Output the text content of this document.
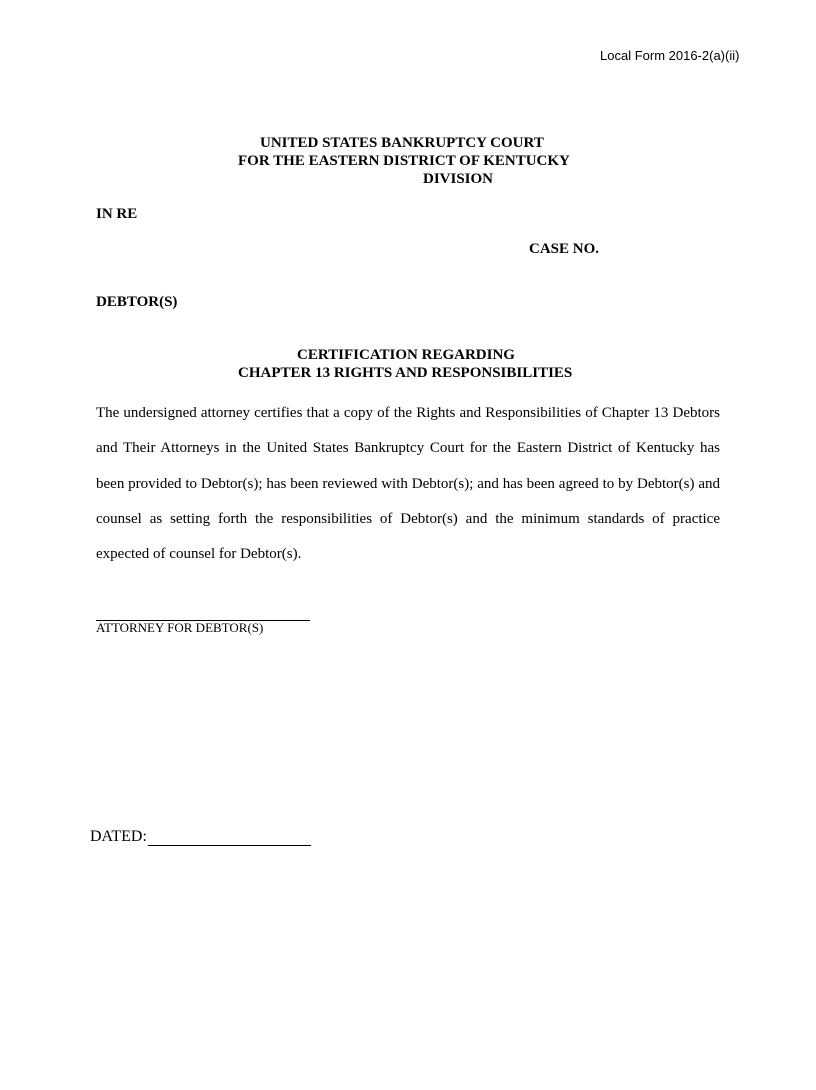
Local Form 2016-2(a)(ii)
UNITED STATES BANKRUPTCY COURT
FOR THE EASTERN DISTRICT OF KENTUCKY
DIVISION
IN RE
CASE NO.
DEBTOR(S)
CERTIFICATION REGARDING
CHAPTER 13 RIGHTS AND RESPONSIBILITIES
The undersigned attorney certifies that a copy of the Rights and Responsibilities of Chapter 13 Debtors and Their Attorneys in the United States Bankruptcy Court for the Eastern District of Kentucky has been provided to Debtor(s); has been reviewed with Debtor(s); and has been agreed to by Debtor(s) and counsel as setting forth the responsibilities of Debtor(s) and the minimum standards of practice expected of counsel for Debtor(s).
ATTORNEY FOR DEBTOR(S)
DATED:
